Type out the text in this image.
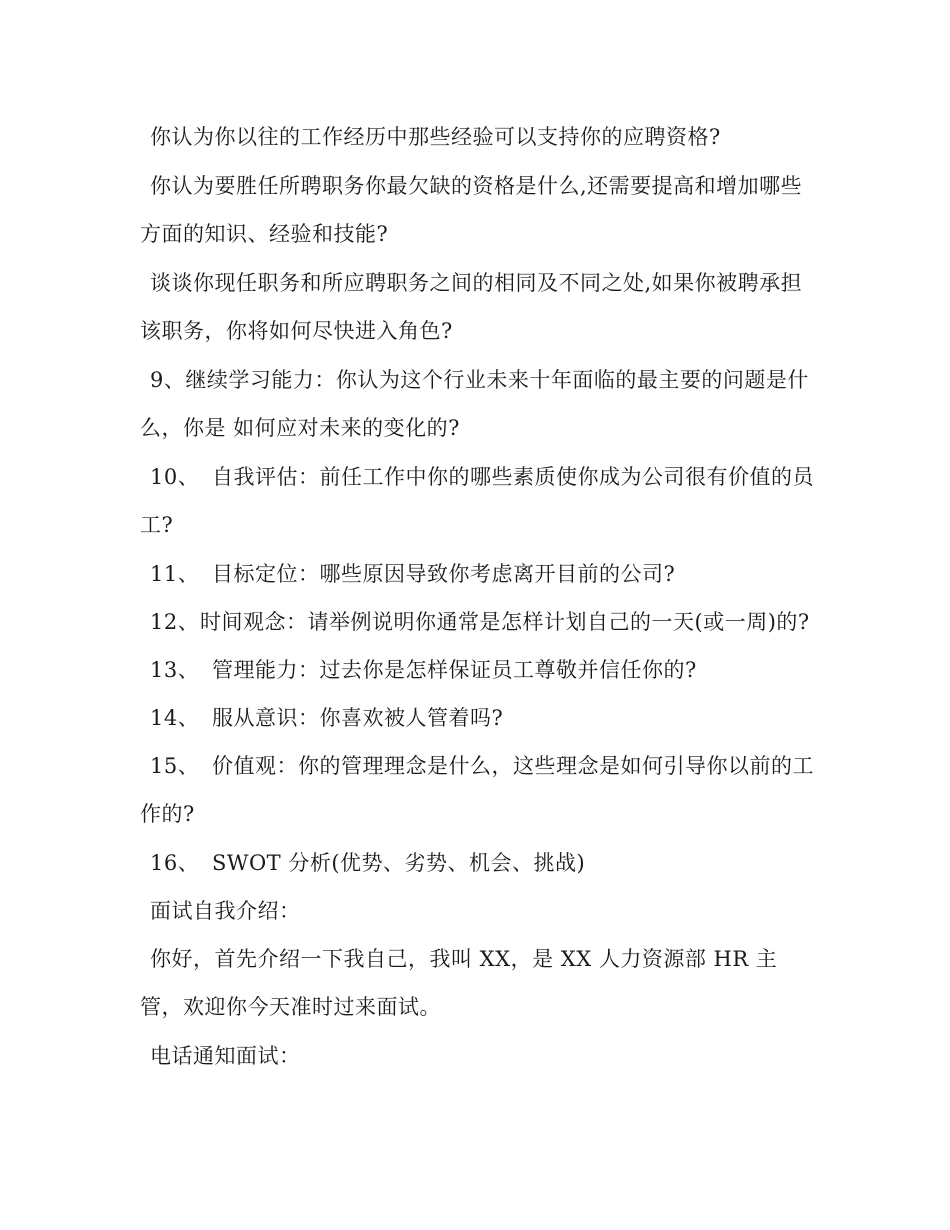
你认为你以往的工作经历中那些经验可以支持你的应聘资格?

你认为要胜任所聘职务你最欠缺的资格是什么,还需要提高和增加哪些方面的知识、经验和技能?

谈谈你现任职务和所应聘职务之间的相同及不同之处,如果你被聘承担该职务，你将如何尽快进入角色?

9、继续学习能力：你认为这个行业未来十年面临的最主要的问题是什么，你是 如何应对未来的变化的?

10、 自我评估：前任工作中你的哪些素质使你成为公司很有价值的员工?

11、 目标定位：哪些原因导致你考虑离开目前的公司?

12、时间观念：请举例说明你通常是怎样计划自己的一天(或一周)的?

13、 管理能力：过去你是怎样保证员工尊敬并信任你的?

14、 服从意识：你喜欢被人管着吗?

15、 价值观：你的管理理念是什么，这些理念是如何引导你以前的工作的?

16、 SWOT 分析(优势、劣势、机会、挑战)

面试自我介绍：

你好，首先介绍一下我自己，我叫 XX，是 XX 人力资源部 HR 主管，欢迎你今天准时过来面试。

电话通知面试：
